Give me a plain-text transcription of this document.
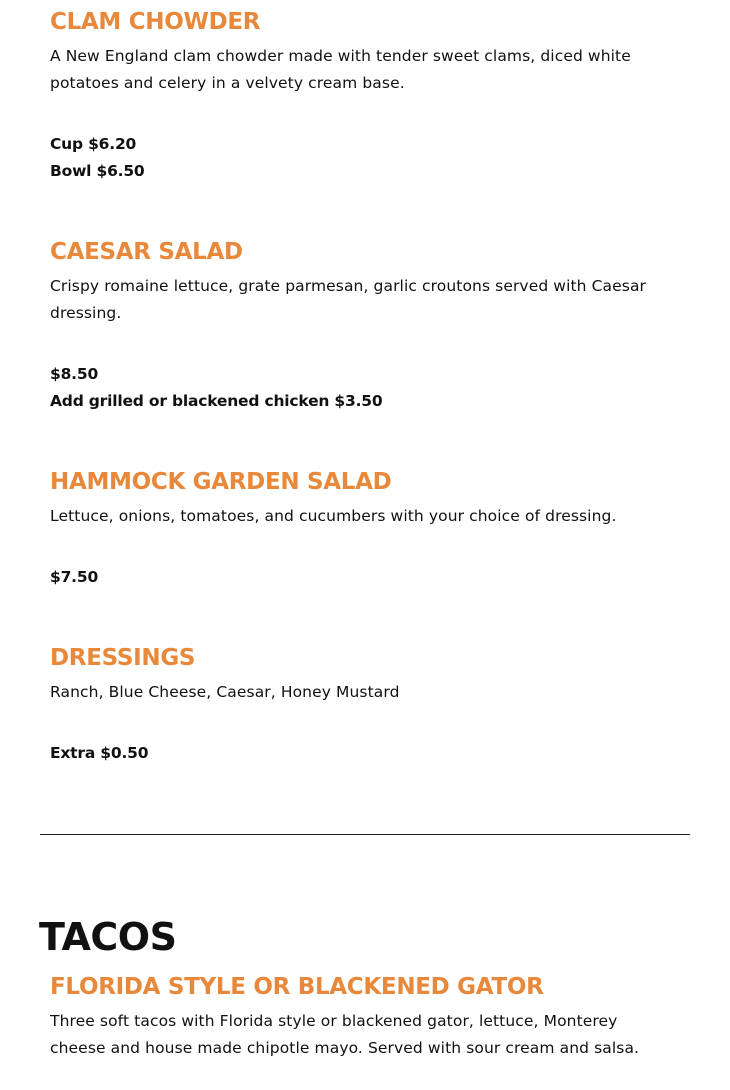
CLAM CHOWDER

A New England clam chowder made with tender sweet clams, diced white potatoes and celery in a velvety cream base.

Cup $6.20

Bowl $6.50

CAESAR SALAD

Crispy romaine lettuce, grate parmesan, garlic croutons served with Caesar dressing.

$8.50

Add grilled or blackened chicken $3.50

HAMMOCK GARDEN SALAD

Lettuce, onions, tomatoes, and cucumbers with your choice of dressing.

$7.50

DRESSINGS

Ranch, Blue Cheese, Caesar, Honey Mustard

Extra $0.50

TACOS
FLORIDA STYLE OR BLACKENED GATOR

Three soft tacos with Florida style or blackened gator, lettuce, Monterey cheese and house made chipotle mayo. Served with sour cream and salsa.
